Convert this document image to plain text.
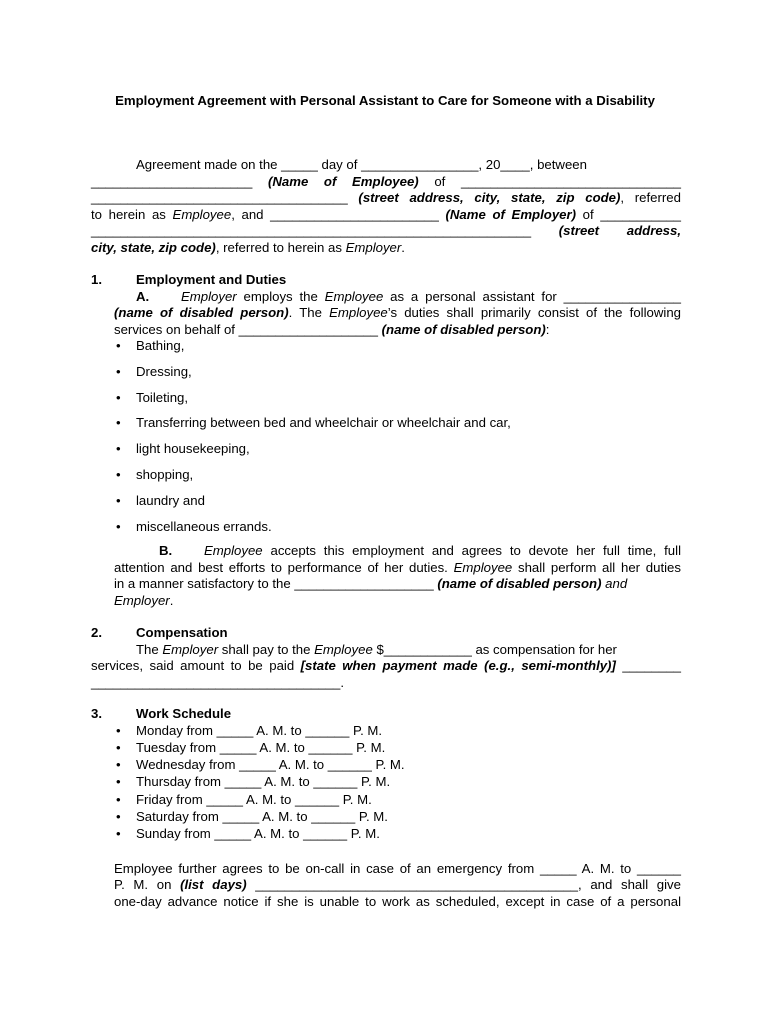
Employment Agreement with Personal Assistant to Care for Someone with a Disability

Agreement made on the _____ day of ________________, 20____, between

______________________ (Name of Employee) of ______________________________

___________________________________ (street address, city, state, zip code), referred

to herein as Employee, and _______________________ (Name of Employer) of ___________

____________________________________________________________ (street address,

city, state, zip code), referred to herein as Employer.

1.	Employment and Duties

A. Employer employs the Employee as a personal assistant for ________________

(name of disabled person). The Employee’s duties shall primarily consist of the following

services on behalf of ___________________ (name of disabled person):

• Bathing,
• Dressing,
• Toileting,
• Transferring between bed and wheelchair or wheelchair and car,
• light housekeeping,
• shopping,
• laundry and
• miscellaneous errands.

B. Employee accepts this employment and agrees to devote her full time, full

attention and best efforts to performance of her duties. Employee shall perform all her duties

in a manner satisfactory to the ___________________ (name of disabled person) and

Employer.

2.	Compensation

The Employer shall pay to the Employee $____________ as compensation for her

services, said amount to be paid [state when payment made (e.g., semi-monthly)] ________

__________________________________.

3.	Work Schedule

• Monday from _____ A. M. to ______ P. M.
• Tuesday from _____ A. M. to ______ P. M.
• Wednesday from _____ A. M. to ______ P. M.
• Thursday from _____ A. M. to ______ P. M.
• Friday from _____ A. M. to ______ P. M.
• Saturday from _____ A. M. to ______ P. M.
• Sunday from _____ A. M. to ______ P. M.

Employee further agrees to be on-call in case of an emergency from _____ A. M. to ______

P. M. on (list days) ____________________________________________, and shall give

one-day advance notice if she is unable to work as scheduled, except in case of a personal
